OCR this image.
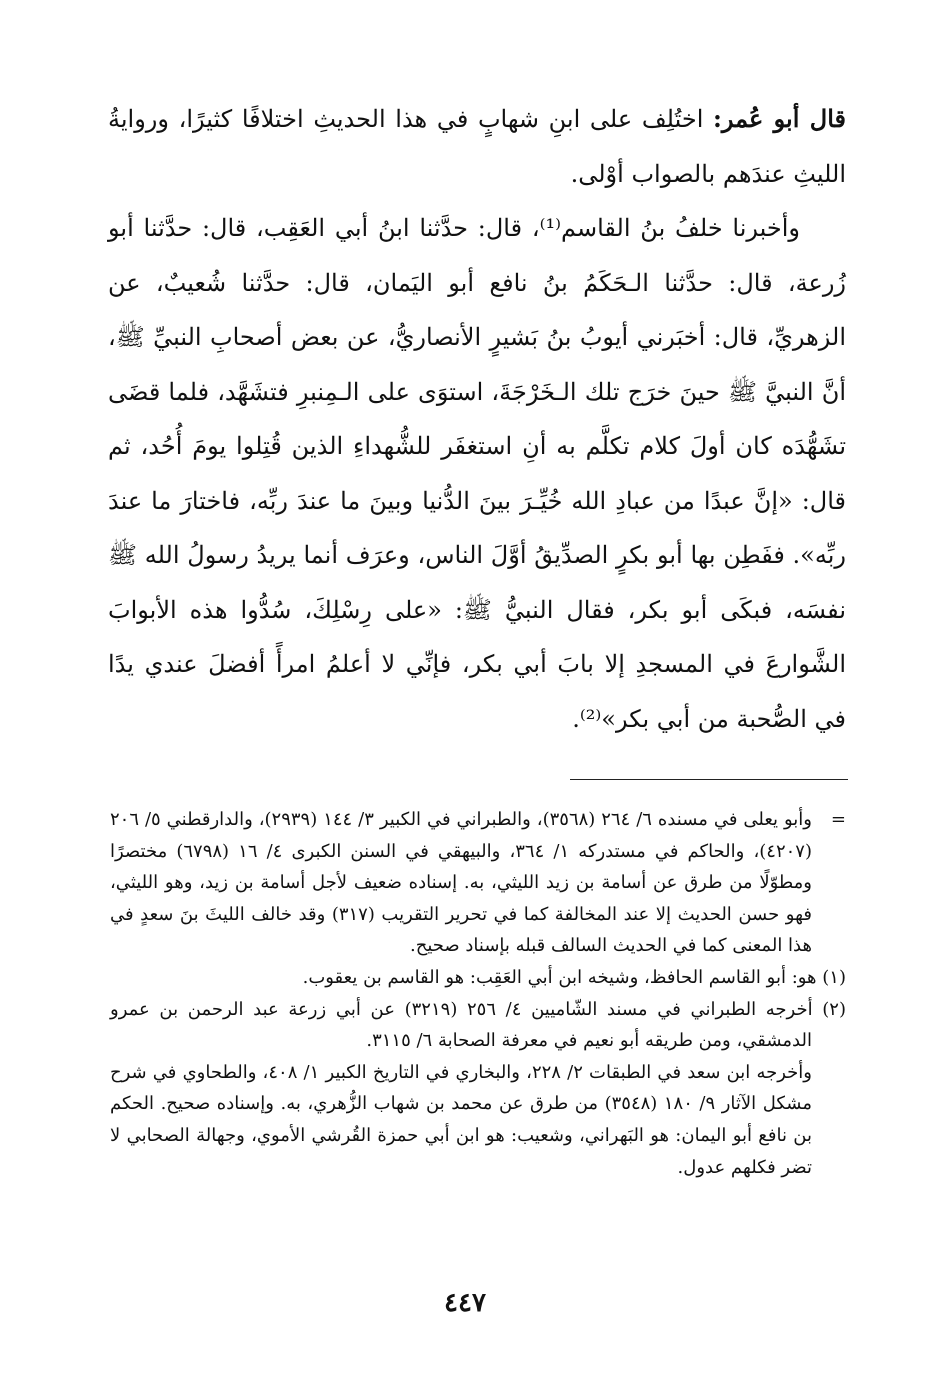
قال أبو عُمر: اختُلِف على ابنِ شهابٍ في هذا الحديثِ اختلافًا كثيرًا، وروايةُ الليثِ عندَهم بالصواب أوْلى.

وأخبرنا خلفُ بنُ القاسم⁽¹⁾، قال: حدَّثنا ابنُ أبي العَقِب، قال: حدَّثنا أبو زُرعة، قال: حدَّثنا الـحَكَمُ بنُ نافع أبو اليَمان، قال: حدَّثنا شُعيبٌ، عن الزهريِّ، قال: أخبَرني أيوبُ بنُ بَشيرٍ الأنصاريُّ، عن بعض أصحابِ النبيِّ ﷺ، أنَّ النبيَّ ﷺ حينَ خرَج تلك الـخَرْجَةَ، استوَى على الـمِنبرِ فتشَهَّد، فلما قضَى تشَهُّدَه كان أولَ كلام تكلَّم به أنِ استغفَر للشُّهداءِ الذين قُتِلوا يومَ أُحُد، ثم قال: «إنَّ عبدًا من عبادِ الله خُيِّـرَ بينَ الدُّنيا وبينَ ما عندَ ربِّه، فاختارَ ما عندَ ربِّه». ففَطِن بها أبو بكرٍ الصدِّيقُ أوَّلَ الناس، وعرَف أنما يريدُ رسولُ الله ﷺ نفسَه، فبكَى أبو بكر، فقال النبيُّ ﷺ: «على رِسْلِكَ، سُدُّوا هذه الأبوابَ الشَّوارعَ في المسجدِ إلا بابَ أبي بكر، فإنِّي لا أعلمُ امرأً أفضلَ عندي يدًا في الصُّحبة من أبي بكر»⁽²⁾.

=وأبو يعلى في مسنده ٦/ ٢٦٤ (٣٥٦٨)، والطبراني في الكبير ٣/ ١٤٤ (٢٩٣٩)، والدارقطني ٥/ ٢٠٦ (٤٢٠٧)، والحاكم في مستدركه ١/ ٣٦٤، والبيهقي في السنن الكبرى ٤/ ١٦ (٦٧٩٨) مختصرًا ومطوّلًا من طرق عن أسامة بن زيد الليثي، به. إسناده ضعيف لأجل أسامة بن زيد، وهو الليثي، فهو حسن الحديث إلا عند المخالفة كما في تحرير التقريب (٣١٧) وقد خالف الليثَ بنَ سعدٍ في هذا المعنى كما في الحديث السالف قبله بإسناد صحيح.

(١) هو: أبو القاسم الحافظ، وشيخه ابن أبي العَقِب: هو القاسم بن يعقوب.

(٢) أخرجه الطبراني في مسند الشّاميين ٤/ ٢٥٦ (٣٢١٩) عن أبي زرعة عبد الرحمن بن عمرو الدمشقي، ومن طريقه أبو نعيم في معرفة الصحابة ٦/ ٣١١٥.

وأخرجه ابن سعد في الطبقات ٢/ ٢٢٨، والبخاري في التاريخ الكبير ١/ ٤٠٨، والطحاوي في شرح مشكل الآثار ٩/ ١٨٠ (٣٥٤٨) من طرق عن محمد بن شهاب الزُّهري، به. وإسناده صحيح. الحكم بن نافع أبو اليمان: هو البَهراني، وشعيب: هو ابن أبي حمزة القُرشي الأموي، وجهالة الصحابي لا تضر فكلهم عدول.

٤٤٧
